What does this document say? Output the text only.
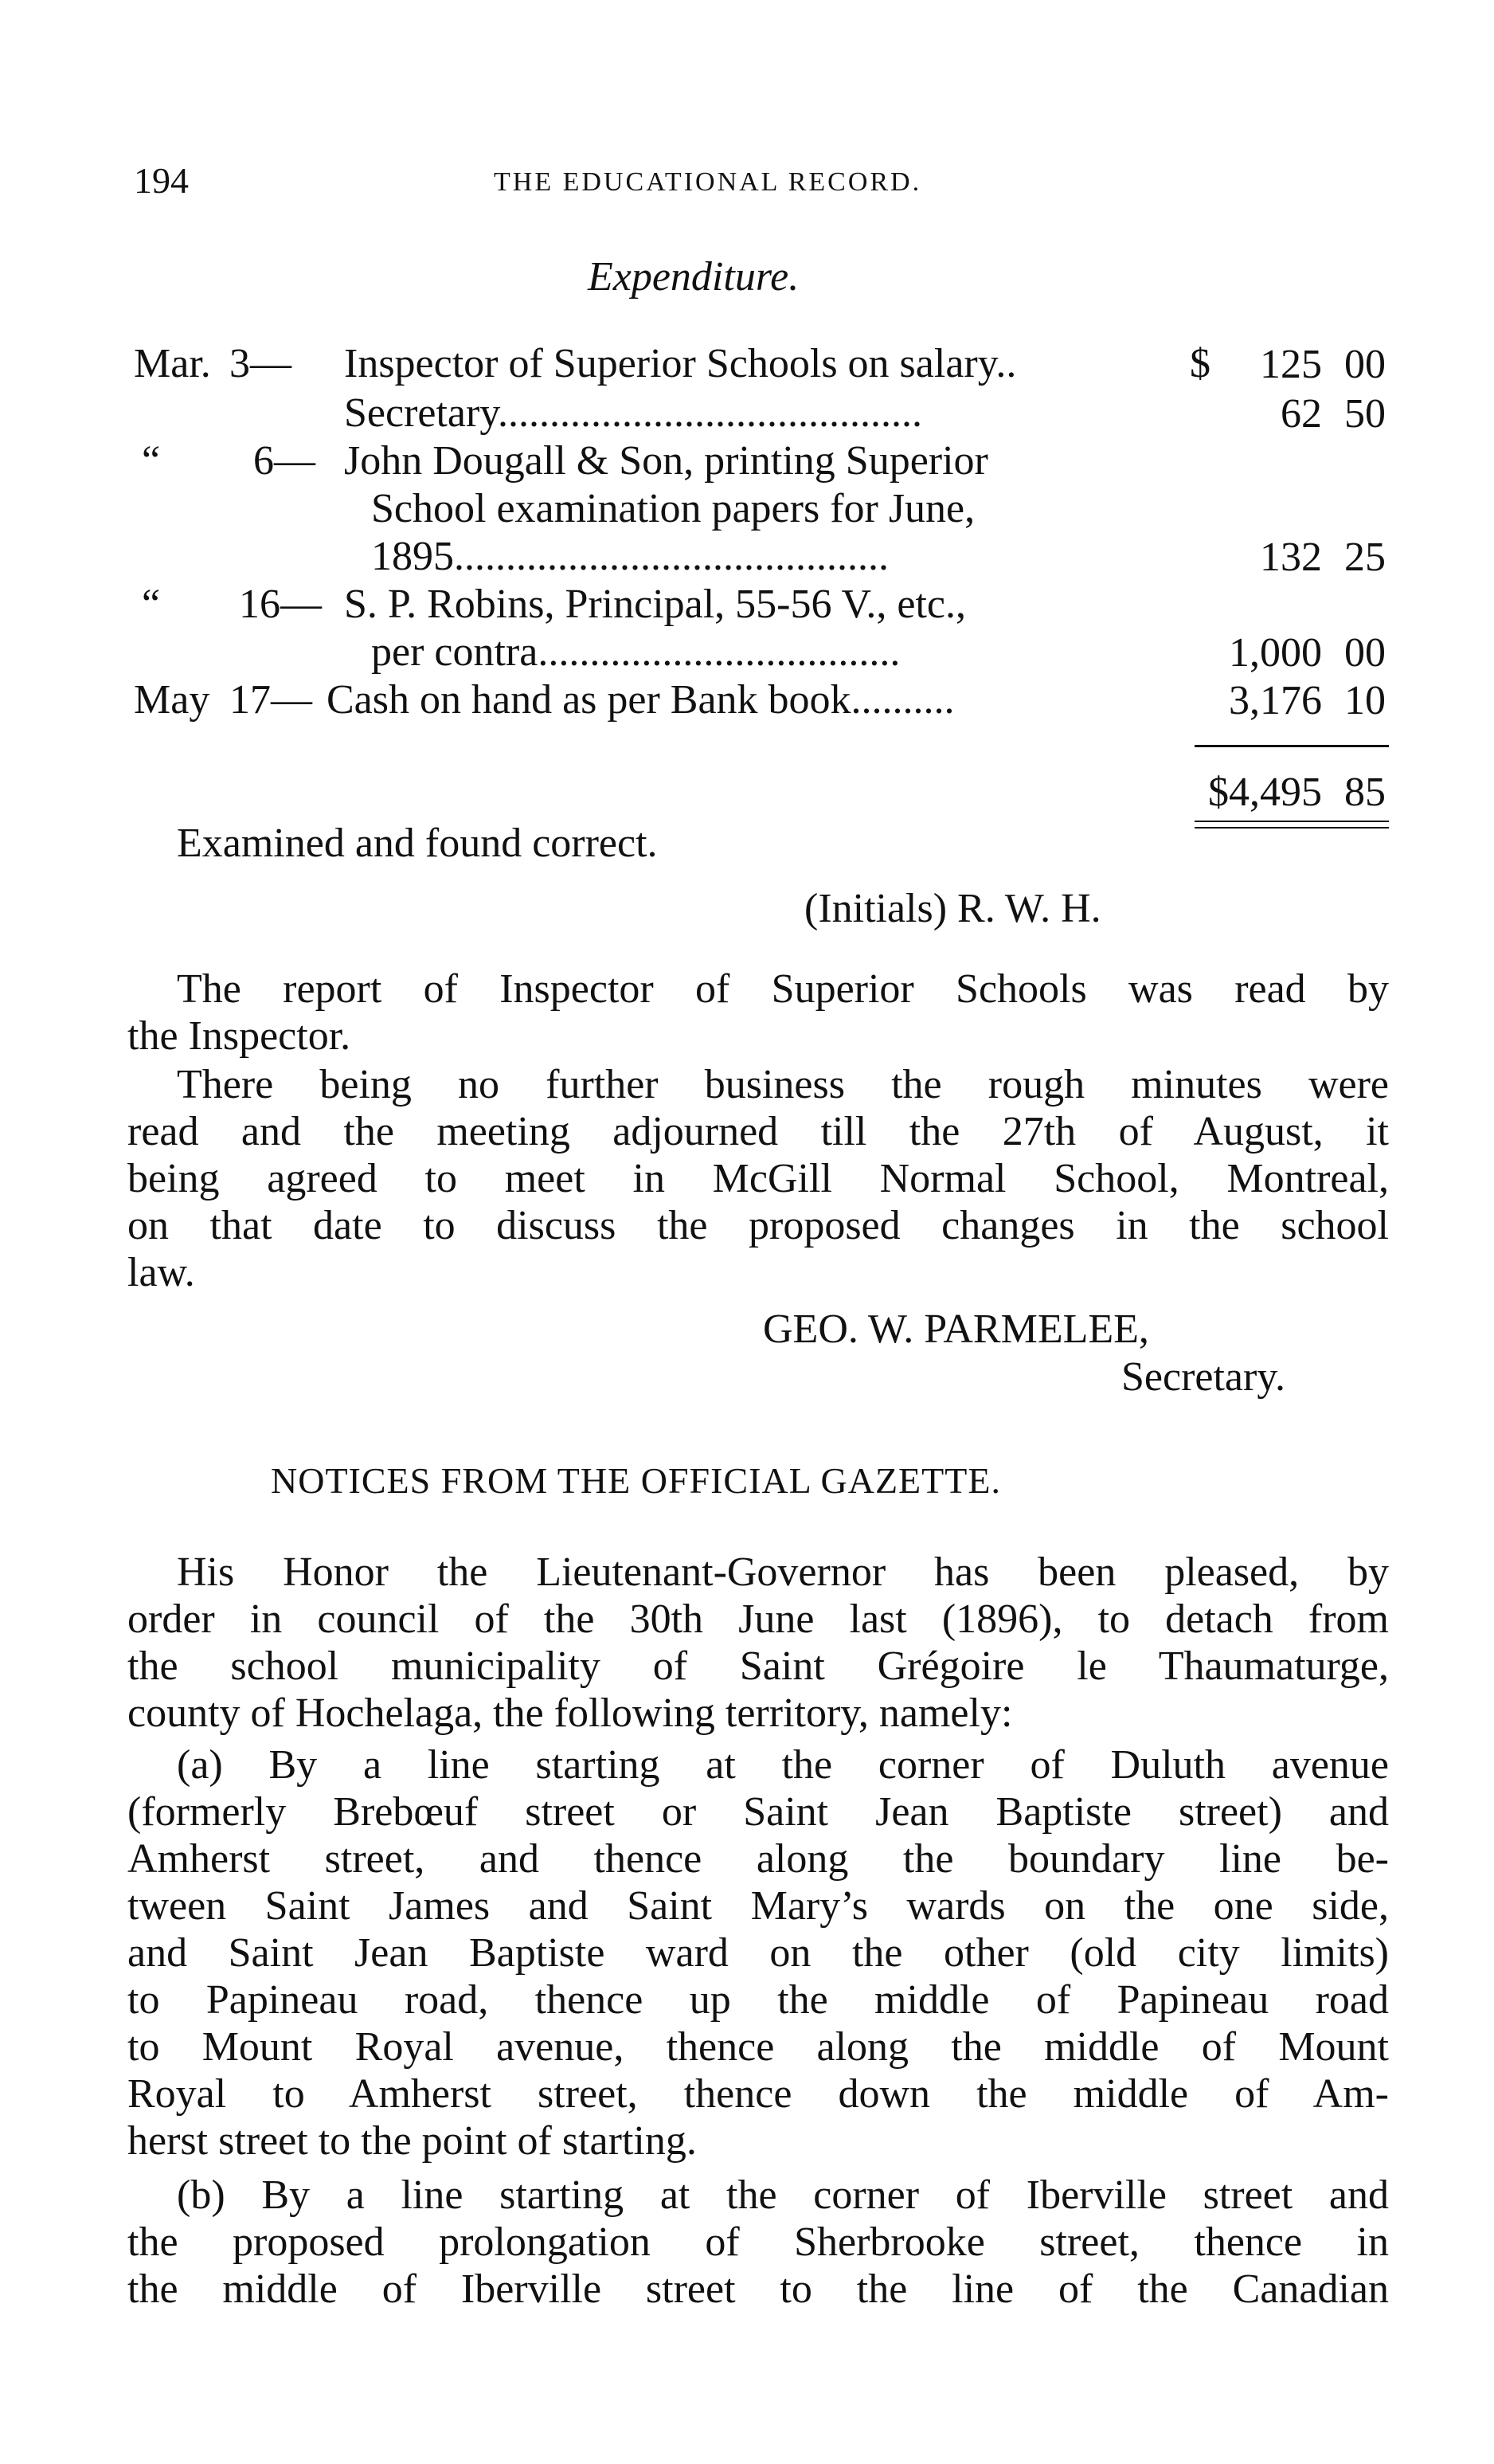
194	THE EDUCATIONAL RECORD.
Expenditure.
Mar. 3— Inspector of Superior Schools on salary..	$	125 00
Secretary.........................................	62 50
“ 6— John Dougall & Son, printing Superior
School examination papers for June,
1895..........................................	132 25
“ 16— S. P. Robins, Principal, 55-56 V., etc.,
per contra...................................	1,000 00
May 17— Cash on hand as per Bank book..........	3,176 10
$4,495 85
Examined and found correct.
(Initials) R. W. H.
The report of Inspector of Superior Schools was read by
the Inspector.
There being no further business the rough minutes were
read and the meeting adjourned till the 27th of August, it
being agreed to meet in McGill Normal School, Montreal,
on that date to discuss the proposed changes in the school
law.
GEO. W. PARMELEE,
Secretary.
NOTICES FROM THE OFFICIAL GAZETTE.
His Honor the Lieutenant-Governor has been pleased, by
order in council of the 30th June last (1896), to detach from
the school municipality of Saint Grégoire le Thaumaturge,
county of Hochelaga, the following territory, namely:
(a) By a line starting at the corner of Duluth avenue
(formerly Brebœuf street or Saint Jean Baptiste street) and
Amherst street, and thence along the boundary line be-
tween Saint James and Saint Mary’s wards on the one side,
and Saint Jean Baptiste ward on the other (old city limits)
to Papineau road, thence up the middle of Papineau road
to Mount Royal avenue, thence along the middle of Mount
Royal to Amherst street, thence down the middle of Am-
herst street to the point of starting.
(b) By a line starting at the corner of Iberville street and
the proposed prolongation of Sherbrooke street, thence in
the middle of Iberville street to the line of the Canadian
